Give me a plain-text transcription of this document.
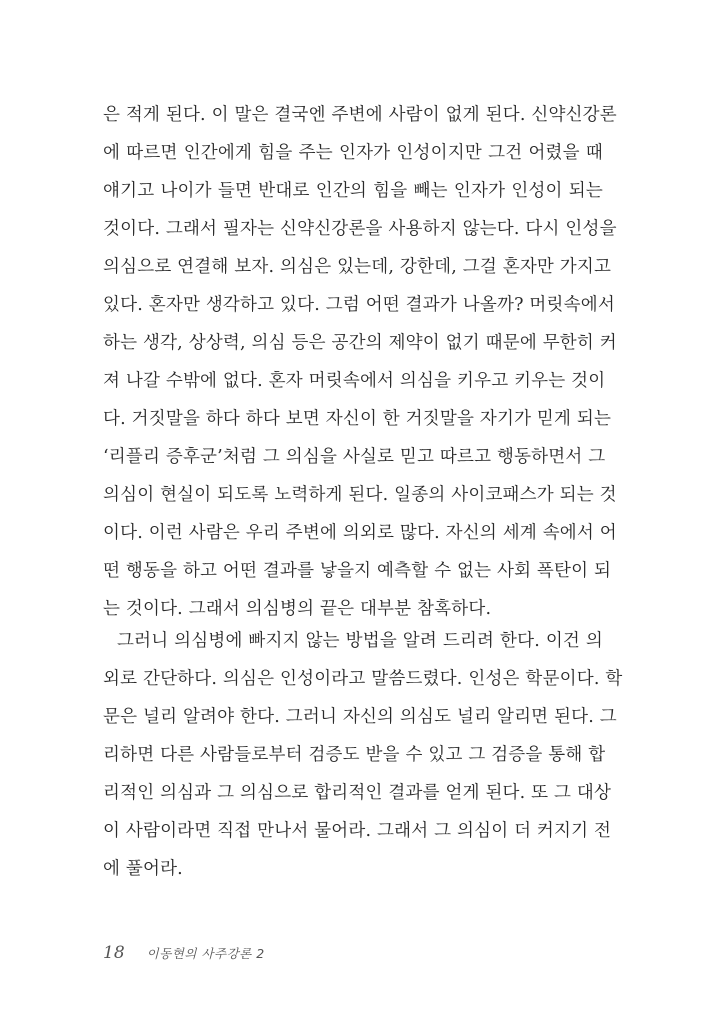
은 적게 된다. 이 말은 결국엔 주변에 사람이 없게 된다. 신약신강론
에 따르면 인간에게 힘을 주는 인자가 인성이지만 그건 어렸을 때
얘기고 나이가 들면 반대로 인간의 힘을 빼는 인자가 인성이 되는
것이다. 그래서 필자는 신약신강론을 사용하지 않는다. 다시 인성을
의심으로 연결해 보자. 의심은 있는데, 강한데, 그걸 혼자만 가지고
있다. 혼자만 생각하고 있다. 그럼 어떤 결과가 나올까? 머릿속에서
하는 생각, 상상력, 의심 등은 공간의 제약이 없기 때문에 무한히 커
져 나갈 수밖에 없다. 혼자 머릿속에서 의심을 키우고 키우는 것이
다. 거짓말을 하다 하다 보면 자신이 한 거짓말을 자기가 믿게 되는
‘리플리 증후군’처럼 그 의심을 사실로 믿고 따르고 행동하면서 그
의심이 현실이 되도록 노력하게 된다. 일종의 사이코패스가 되는 것
이다. 이런 사람은 우리 주변에 의외로 많다. 자신의 세계 속에서 어
떤 행동을 하고 어떤 결과를 낳을지 예측할 수 없는 사회 폭탄이 되
는 것이다. 그래서 의심병의 끝은 대부분 참혹하다.
그러니 의심병에 빠지지 않는 방법을 알려 드리려 한다. 이건 의
외로 간단하다. 의심은 인성이라고 말씀드렸다. 인성은 학문이다. 학
문은 널리 알려야 한다. 그러니 자신의 의심도 널리 알리면 된다. 그
리하면 다른 사람들로부터 검증도 받을 수 있고 그 검증을 통해 합
리적인 의심과 그 의심으로 합리적인 결과를 얻게 된다. 또 그 대상
이 사람이라면 직접 만나서 물어라. 그래서 그 의심이 더 커지기 전
에 풀어라.
18 이동현의 사주강론 2
